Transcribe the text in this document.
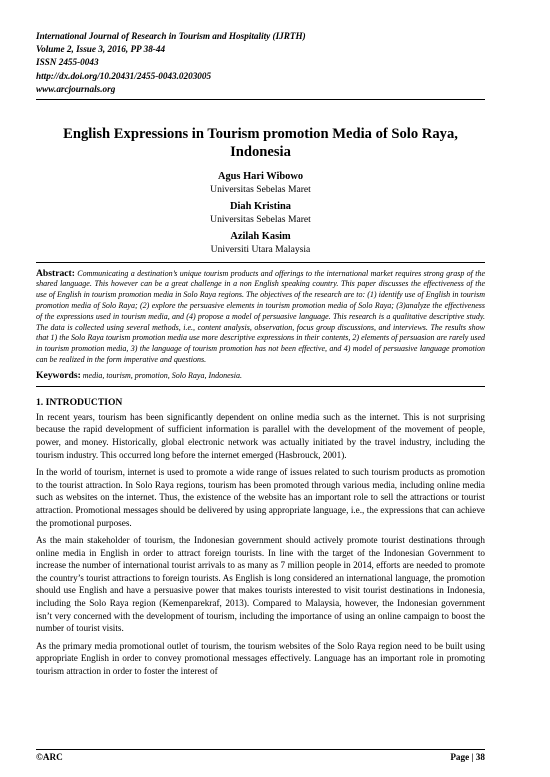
International Journal of Research in Tourism and Hospitality (IJRTH)
Volume 2, Issue 3, 2016, PP 38-44
ISSN 2455-0043
http://dx.doi.org/10.20431/2455-0043.0203005
www.arcjournals.org
English Expressions in Tourism promotion Media of Solo Raya,
Indonesia
Agus Hari Wibowo
Universitas Sebelas Maret
Diah Kristina
Universitas Sebelas Maret
Azilah Kasim
Universiti Utara Malaysia
Abstract: Communicating a destination’s unique tourism products and offerings to the international market requires strong grasp of the shared language. This however can be a great challenge in a non English speaking country. This paper discusses the effectiveness of the use of English in tourism promotion media in Solo Raya regions. The objectives of the research are to: (1) identify use of English in tourism promotion media of Solo Raya; (2) explore the persuasive elements in tourism promotion media of Solo Raya; (3)analyze the effectiveness of the expressions used in tourism media, and (4) propose a model of persuasive language. This research is a qualitative descriptive study. The data is collected using several methods, i.e., content analysis, observation, focus group discussions, and interviews. The results show that 1) the Solo Raya tourism promotion media use more descriptive expressions in their contents, 2) elements of persuasion are rarely used in tourism promotion media, 3) the language of tourism promotion has not been effective, and 4) model of persuasive language promotion can be realized in the form imperative and questions.
Keywords: media, tourism, promotion, Solo Raya, Indonesia.
1. INTRODUCTION

In recent years, tourism has been significantly dependent on online media such as the internet. This is not surprising because the rapid development of sufficient information is parallel with the development of the movement of people, power, and money. Historically, global electronic network was actually initiated by the travel industry, including the tourism industry. This occurred long before the internet emerged (Hasbrouck, 2001).

In the world of tourism, internet is used to promote a wide range of issues related to such tourism products as promotion to the tourist attraction. In Solo Raya regions, tourism has been promoted through various media, including online media such as websites on the internet. Thus, the existence of the website has an important role to sell the attractions or tourist attraction. Promotional messages should be delivered by using appropriate language, i.e., the expressions that can achieve the promotional purposes.

As the main stakeholder of tourism, the Indonesian government should actively promote tourist destinations through online media in English in order to attract foreign tourists. In line with the target of the Indonesian Government to increase the number of international tourist arrivals to as many as 7 million people in 2014, efforts are needed to promote the country’s tourist attractions to foreign tourists. As English is long considered an international language, the promotion should use English and have a persuasive power that makes tourists interested to visit tourist destinations in Indonesia, including the Solo Raya region (Kemenparekraf, 2013). Compared to Malaysia, however, the Indonesian government isn’t very concerned with the development of tourism, including the importance of using an online campaign to boost the number of tourist visits.

As the primary media promotional outlet of tourism, the tourism websites of the Solo Raya region need to be built using appropriate English in order to convey promotional messages effectively. Language has an important role in promoting tourism attraction in order to foster the interest of

©ARC	Page | 38
